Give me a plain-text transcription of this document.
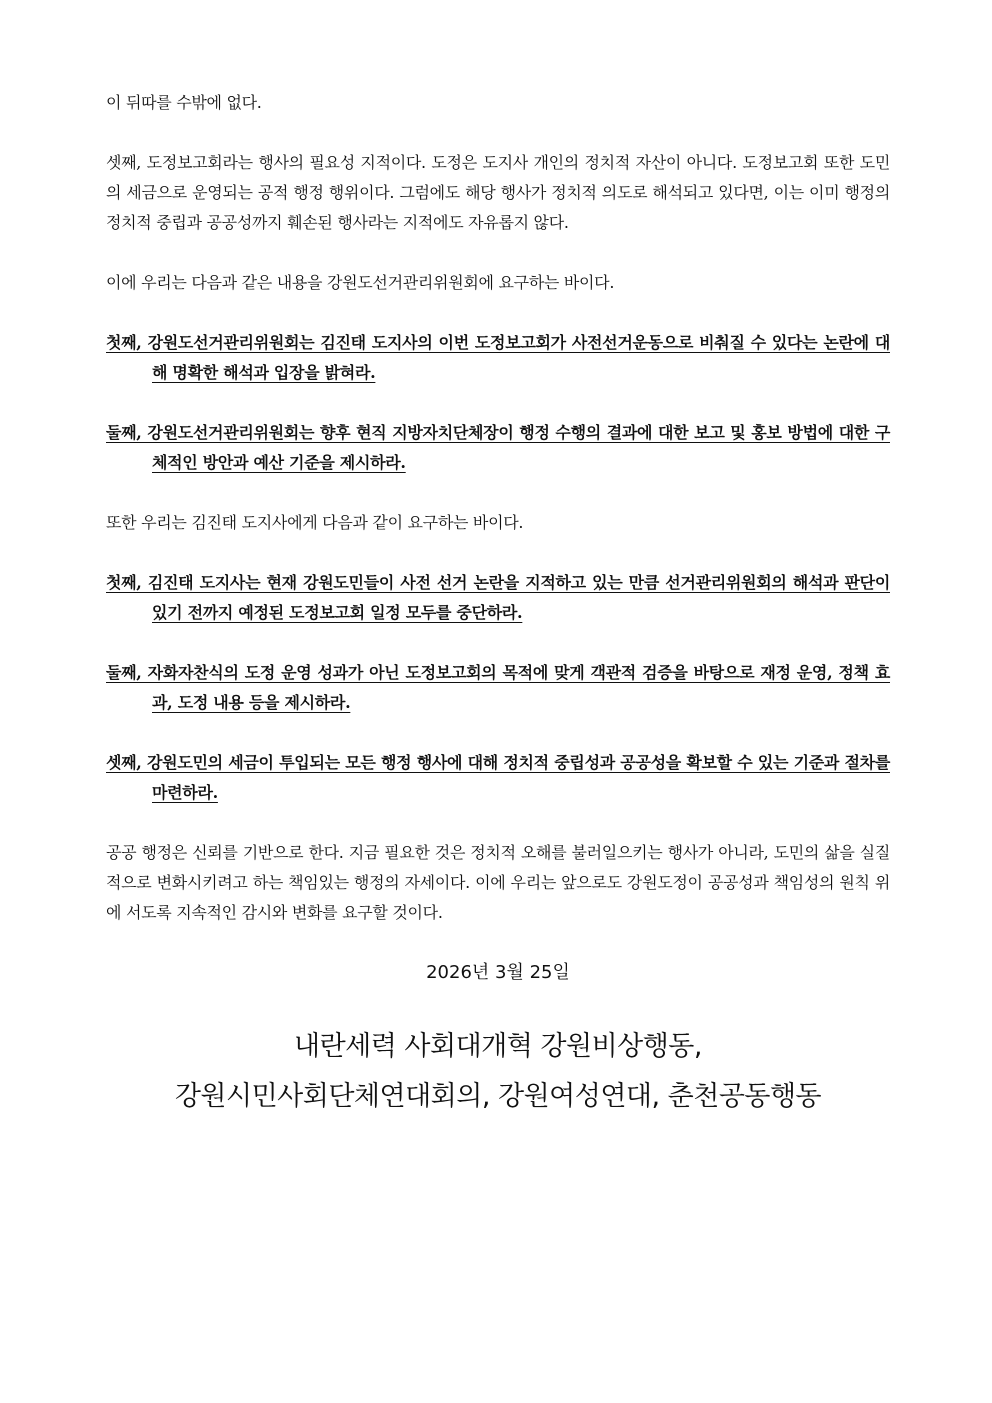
이 뒤따를 수밖에 없다.

셋째, 도정보고회라는 행사의 필요성 지적이다. 도정은 도지사 개인의 정치적 자산이 아니다. 도정보고회 또한 도민의 세금으로 운영되는 공적 행정 행위이다. 그럼에도 해당 행사가 정치적 의도로 해석되고 있다면, 이는 이미 행정의 정치적 중립과 공공성까지 훼손된 행사라는 지적에도 자유롭지 않다.

이에 우리는 다음과 같은 내용을 강원도선거관리위원회에 요구하는 바이다.

첫째, 강원도선거관리위원회는 김진태 도지사의 이번 도정보고회가 사전선거운동으로 비춰질 수 있다는 논란에 대해 명확한 해석과 입장을 밝혀라.

둘째, 강원도선거관리위원회는 향후 현직 지방자치단체장이 행정 수행의 결과에 대한 보고 및 홍보 방법에 대한 구체적인 방안과 예산 기준을 제시하라.

또한 우리는 김진태 도지사에게 다음과 같이 요구하는 바이다.

첫째, 김진태 도지사는 현재 강원도민들이 사전 선거 논란을 지적하고 있는 만큼 선거관리위원회의 해석과 판단이 있기 전까지 예정된 도정보고회 일정 모두를 중단하라.

둘째, 자화자찬식의 도정 운영 성과가 아닌 도정보고회의 목적에 맞게 객관적 검증을 바탕으로 재정 운영, 정책 효과, 도정 내용 등을 제시하라.

셋째, 강원도민의 세금이 투입되는 모든 행정 행사에 대해 정치적 중립성과 공공성을 확보할 수 있는 기준과 절차를 마련하라.

공공 행정은 신뢰를 기반으로 한다. 지금 필요한 것은 정치적 오해를 불러일으키는 행사가 아니라, 도민의 삶을 실질적으로 변화시키려고 하는 책임있는 행정의 자세이다. 이에 우리는 앞으로도 강원도정이 공공성과 책임성의 원칙 위에 서도록 지속적인 감시와 변화를 요구할 것이다.

2026년 3월 25일
내란세력 사회대개혁 강원비상행동,
강원시민사회단체연대회의, 강원여성연대, 춘천공동행동
